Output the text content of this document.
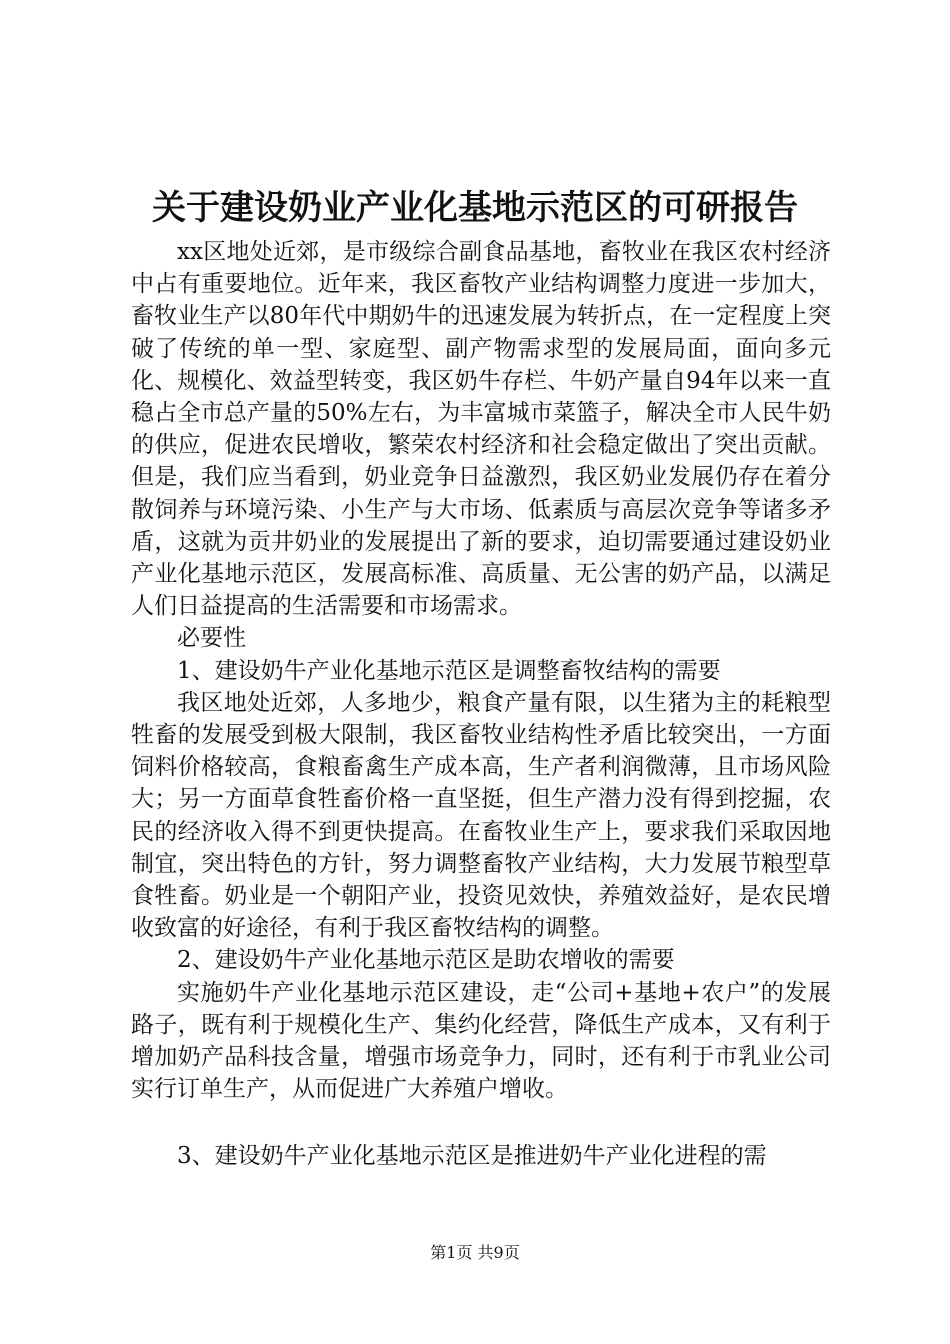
关于建设奶业产业化基地示范区的可研报告

xx区地处近郊，是市级综合副食品基地，畜牧业在我区农村经济中占有重要地位。近年来，我区畜牧产业结构调整力度进一步加大，畜牧业生产以80年代中期奶牛的迅速发展为转折点，在一定程度上突破了传统的单一型、家庭型、副产物需求型的发展局面，面向多元化、规模化、效益型转变，我区奶牛存栏、牛奶产量自94年以来一直稳占全市总产量的50%左右，为丰富城市菜篮子，解决全市人民牛奶的供应，促进农民增收，繁荣农村经济和社会稳定做出了突出贡献。但是，我们应当看到，奶业竞争日益激烈，我区奶业发展仍存在着分散饲养与环境污染、小生产与大市场、低素质与高层次竞争等诸多矛盾，这就为贡井奶业的发展提出了新的要求，迫切需要通过建设奶业产业化基地示范区，发展高标准、高质量、无公害的奶产品，以满足人们日益提高的生活需要和市场需求。

必要性

1、建设奶牛产业化基地示范区是调整畜牧结构的需要

我区地处近郊，人多地少，粮食产量有限，以生猪为主的耗粮型牲畜的发展受到极大限制，我区畜牧业结构性矛盾比较突出，一方面饲料价格较高，食粮畜禽生产成本高，生产者利润微薄，且市场风险大；另一方面草食牲畜价格一直坚挺，但生产潜力没有得到挖掘，农民的经济收入得不到更快提高。在畜牧业生产上，要求我们采取因地制宜，突出特色的方针，努力调整畜牧产业结构，大力发展节粮型草食牲畜。奶业是一个朝阳产业，投资见效快，养殖效益好，是农民增收致富的好途径，有利于我区畜牧结构的调整。

2、建设奶牛产业化基地示范区是助农增收的需要

实施奶牛产业化基地示范区建设，走“公司+基地+农户”的发展路子，既有利于规模化生产、集约化经营，降低生产成本，又有利于增加奶产品科技含量，增强市场竞争力，同时，还有利于市乳业公司实行订单生产，从而促进广大养殖户增收。

3、建设奶牛产业化基地示范区是推进奶牛产业化进程的需

第1页 共9页
